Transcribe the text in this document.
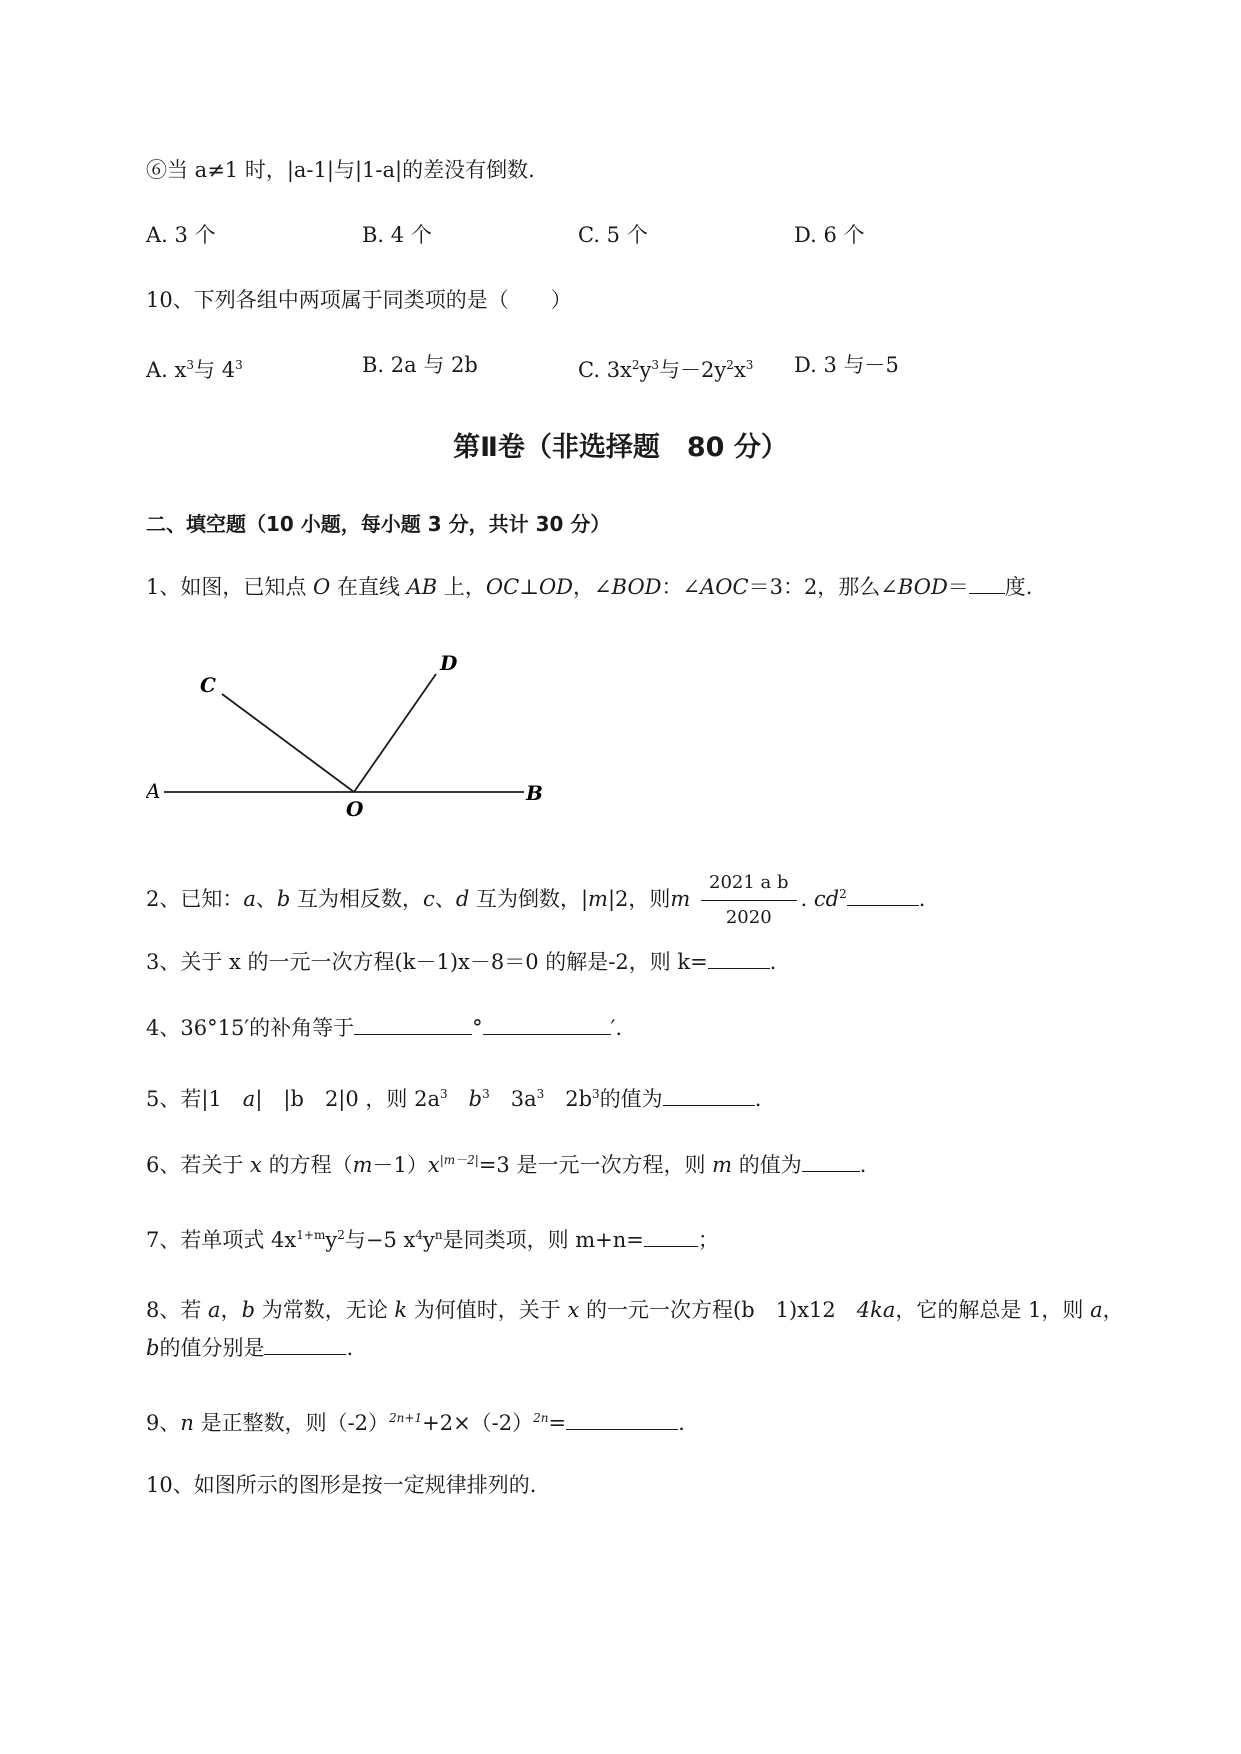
⑥当 a≠1 时，|a-1|与|1-a|的差没有倒数.
A. 3 个	B. 4 个	C. 5 个	D. 6 个
10、下列各组中两项属于同类项的是（　　）
A. $x^3$与 $4^3$	B. 2a 与 2b	C. $3x^2y^3$与$-2y^2x^3$ D. 3 与－5
第Ⅱ卷（非选择题　80 分）
二、填空题（10 小题，每小题 3 分，共计 30 分）
1、如图，已知点 O 在直线 AB 上，OC⊥OD，∠BOD：∠AOC＝3：2，那么∠BOD＝ 度.
A	B
C
D
O
2、已知：a、b 互为相反数，c、d 互为倒数，|m|2，则m $\frac{\text{2021 a b}}{2020}$ . $cd^2$	.
3、关于 x 的一元一次方程(k－1)x－8＝0 的解是-2，则 k=	.
4、36°15′的补角等于	°	′.
5、若|1　 a|　 |b　 2|0 ，则 $2a^3$　 $b^3$　 $3a^3$　 $2b^3$的值为	.
6、若关于 x 的方程$(m-1)x^{|m-2|}=3$ 是一元一次方程，则 m 的值为	.
7、若单项式 $4x^{1+m}y^2$与−5 $x^4y^n$是同类项，则 m+n=	；
8、若 a，b 为常数，无论 k 为何值时，关于 x 的一元一次方程(b　 1)x12　 4ka，它的解总是 1，则 a，
b的值分别是	.
9、n 是正整数，则$(-2)^{2n+1}+2\times(-2)^{2n}=$	.
10、如图所示的图形是按一定规律排列的.
